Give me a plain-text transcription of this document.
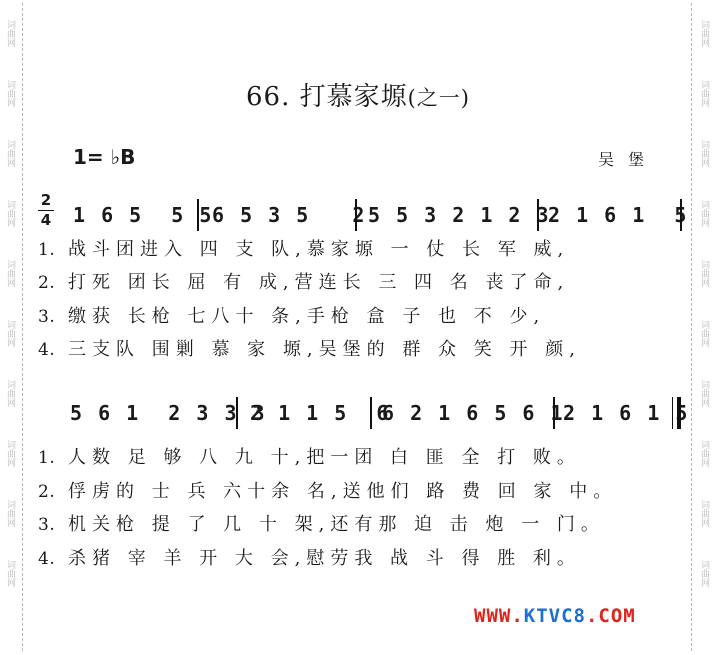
词曲网
词曲网
词曲网
词曲网
词曲网
词曲网
词曲网
词曲网
词曲网
词曲网
词曲网
词曲网
词曲网
词曲网
词曲网
词曲网
词曲网
词曲网
词曲网
词曲网
66. 打慕家塬(之一)
1= ♭B	吴堡
2
4 1 6 5  5 5
6 5 3 5   2 5 5 3 2 1 2 3
2 1 6 1  5
1. 战斗团进入 四 支 队,慕家塬 一 仗 长 军 威,
2. 打死 团长 屈 有 成,营连长 三 四 名 丧了命,
3. 缴获 长枪 七八十 条,手枪 盒 子 也 不 少,
4. 三支队 围剿 慕 家 塬,吴堡的 群 众 笑 开 颜,
5 6 1  2 3 3 3
2 1 1 5  6
6 2 1 6 5 6 1
2 1 6 1 5
1. 人数 足 够 八 九 十,把一团 白 匪 全 打 败。
2. 俘虏的 士 兵 六十余 名,送他们 路 费 回 家 中。
3. 机关枪 提 了 几 十 架,还有那 迫 击 炮 一 门。
4. 杀猪 宰 羊 开 大 会,慰劳我 战 斗 得 胜 利。
WWW.KTVC8.COM
